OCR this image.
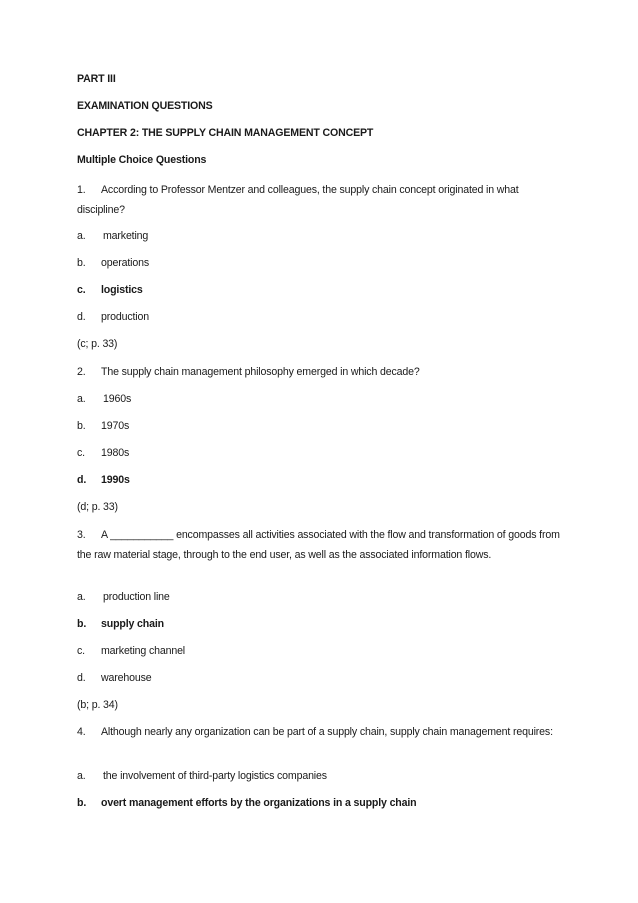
PART III
EXAMINATION QUESTIONS
CHAPTER 2: THE SUPPLY CHAIN MANAGEMENT CONCEPT
Multiple Choice Questions
1. According to Professor Mentzer and colleagues, the supply chain concept originated in what discipline?
a. marketing
b. operations
c. logistics
d. production
(c; p. 33)
2. The supply chain management philosophy emerged in which decade?
a. 1960s
b. 1970s
c. 1980s
d. 1990s
(d; p. 33)
3. A ___________ encompasses all activities associated with the flow and transformation of goods from the raw material stage, through to the end user, as well as the associated information flows.
a. production line
b. supply chain
c. marketing channel
d. warehouse
(b; p. 34)
4. Although nearly any organization can be part of a supply chain, supply chain management requires:
a. the involvement of third-party logistics companies
b. overt management efforts by the organizations in a supply chain
